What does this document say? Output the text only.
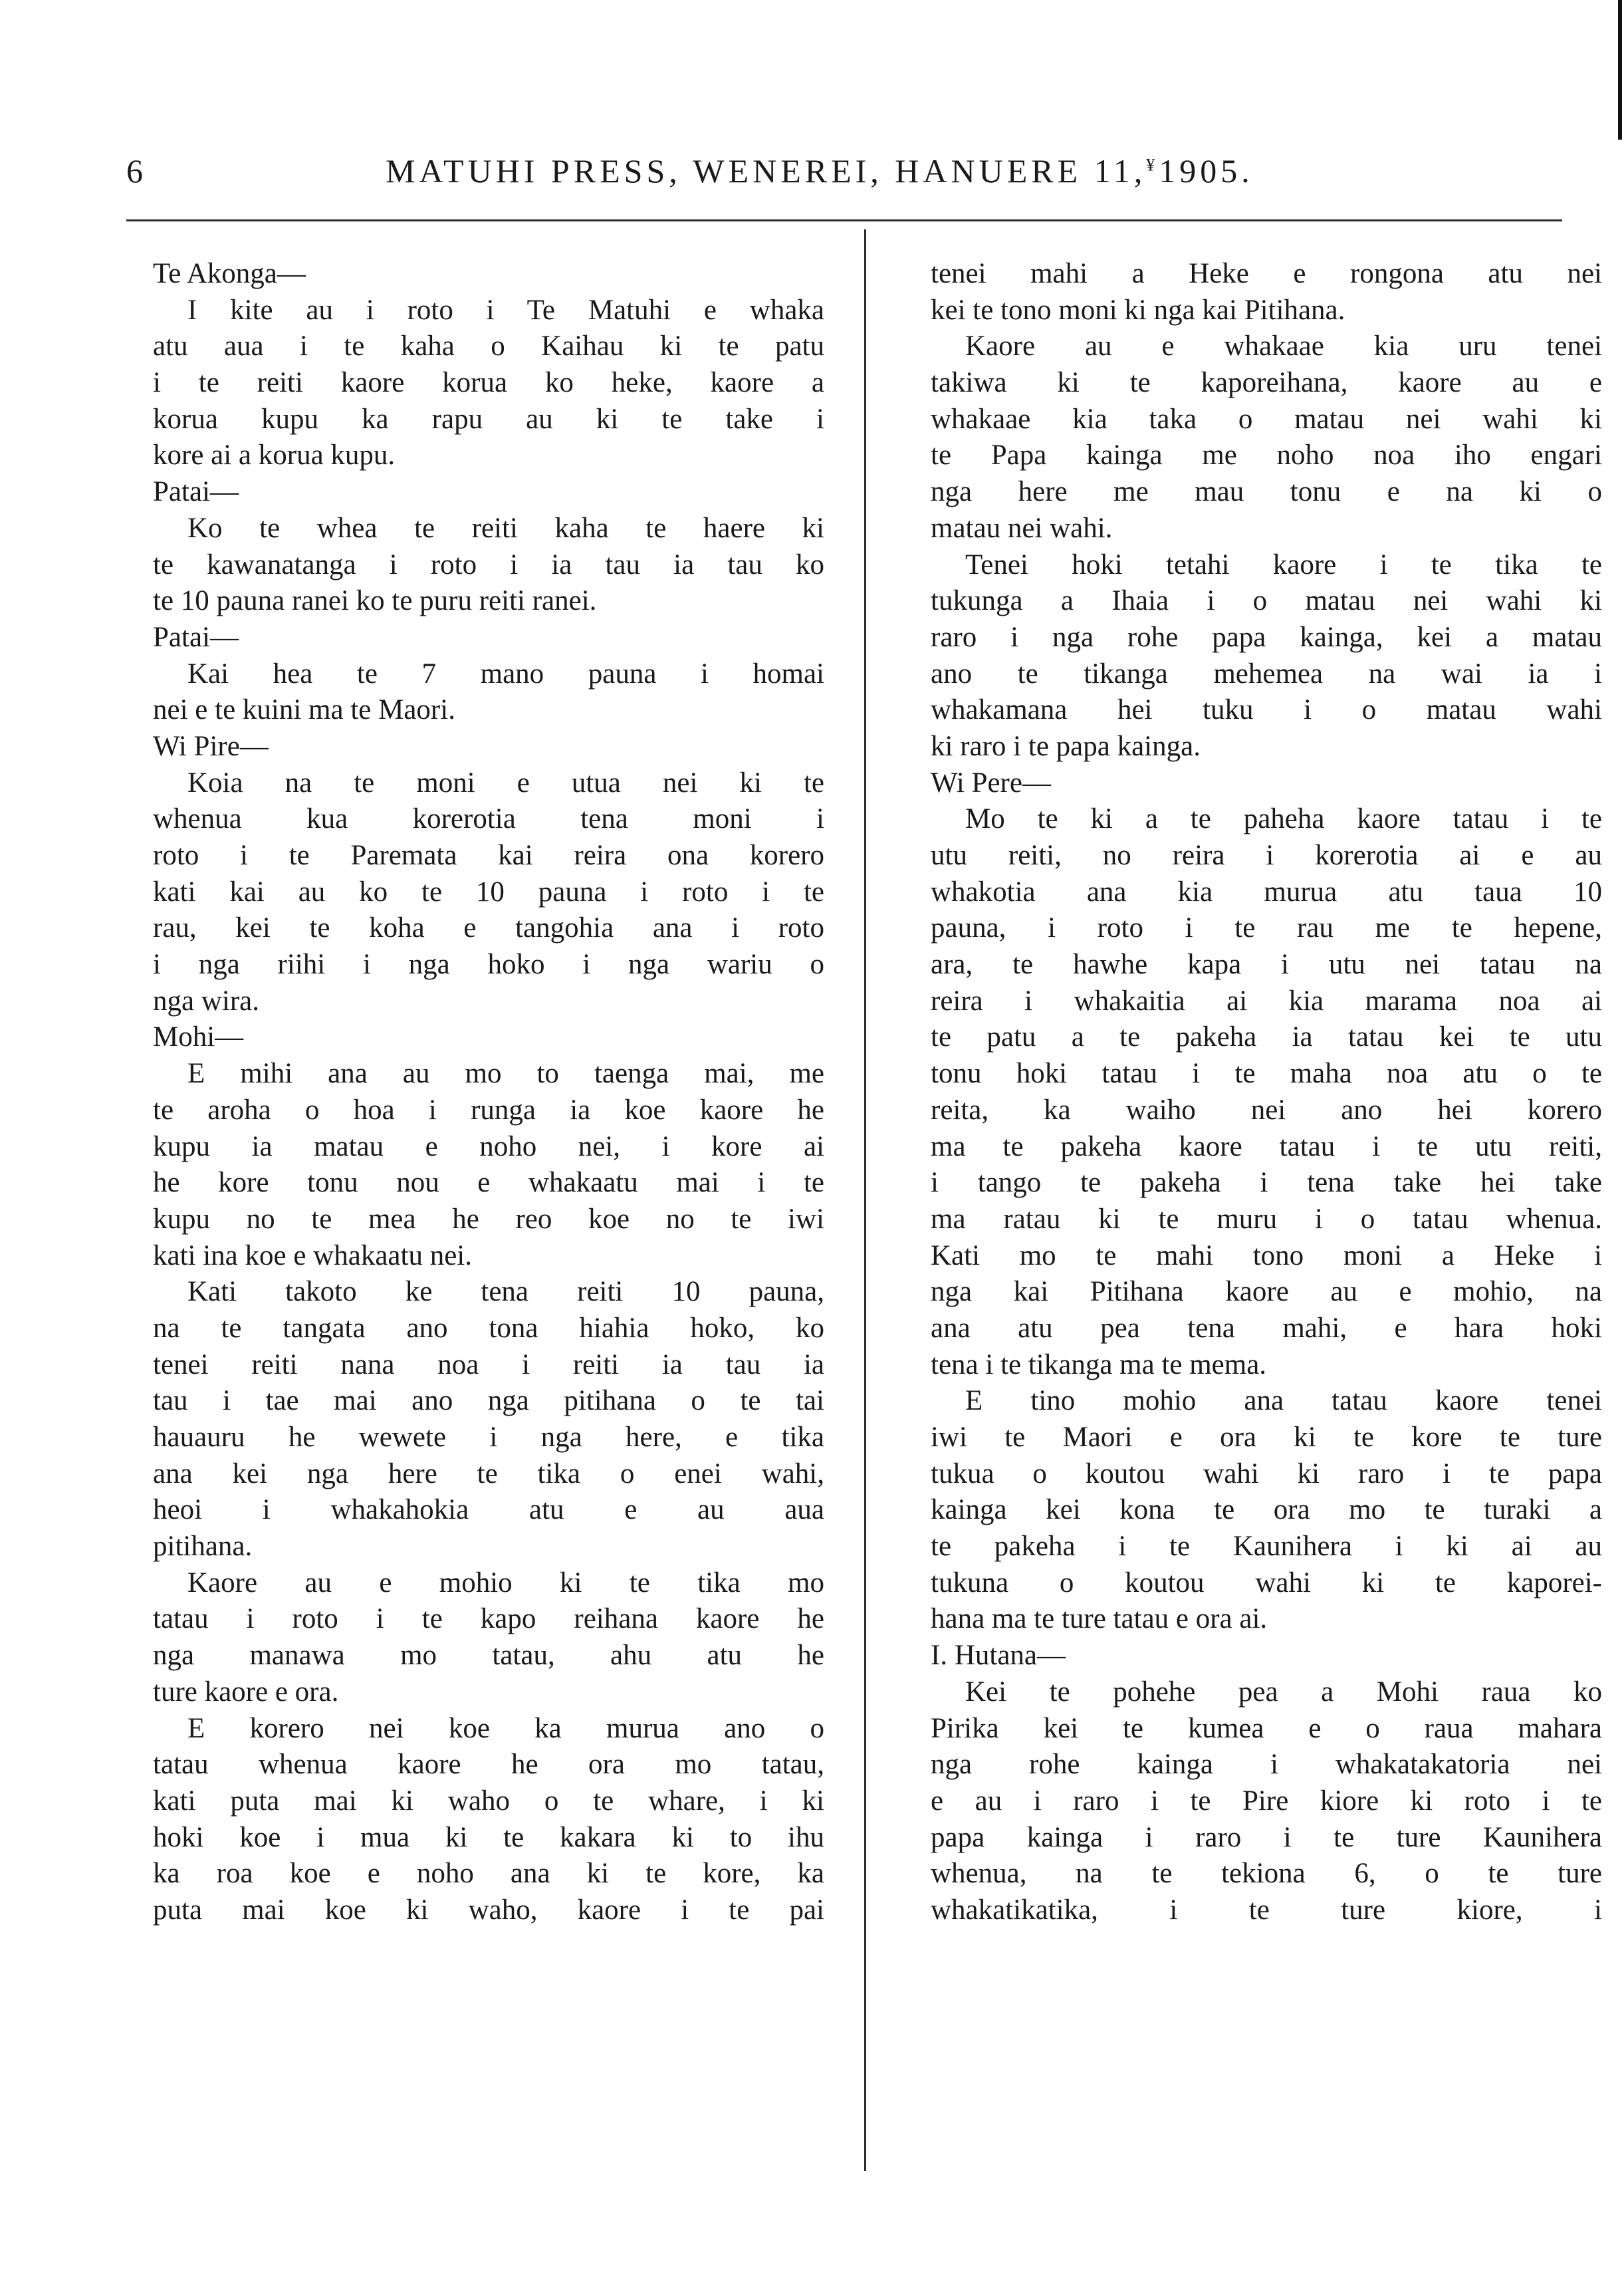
6	MATUHI PRESS, WENEREI, HANUERE 11,¥1905.
Te Akonga—
I kite au i roto i Te Matuhi e whaka
atu aua i te kaha o Kaihau ki te patu
i te reiti kaore korua ko heke, kaore a
korua kupu ka rapu au ki te take i
kore ai a korua kupu.
Patai—
Ko te whea te reiti kaha te haere ki
te kawanatanga i roto i ia tau ia tau ko
te 10 pauna ranei ko te puru reiti ranei.
Patai—
Kai hea te 7 mano pauna i homai
nei e te kuini ma te Maori.
Wi Pire—
Koia na te moni e utua nei ki te
whenua kua korerotia tena moni i
roto i te Paremata kai reira ona korero
kati kai au ko te 10 pauna i roto i te
rau, kei te koha e tangohia ana i roto
i nga riihi i nga hoko i nga wariu o
nga wira.
Mohi—
E mihi ana au mo to taenga mai, me
te aroha o hoa i runga ia koe kaore he
kupu ia matau e noho nei, i kore ai
he kore tonu nou e whakaatu mai i te
kupu no te mea he reo koe no te iwi
kati ina koe e whakaatu nei.
Kati takoto ke tena reiti 10 pauna,
na te tangata ano tona hiahia hoko, ko
tenei reiti nana noa i reiti ia tau ia
tau i tae mai ano nga pitihana o te tai
hauauru he wewete i nga here, e tika
ana kei nga here te tika o enei wahi,
heoi i whakahokia atu e au aua
pitihana.
Kaore au e mohio ki te tika mo
tatau i roto i te kapo reihana kaore he
nga manawa mo tatau, ahu atu he
ture kaore e ora.
E korero nei koe ka murua ano o
tatau whenua kaore he ora mo tatau,
kati puta mai ki waho o te whare, i ki
hoki koe i mua ki te kakara ki to ihu
ka roa koe e noho ana ki te kore, ka
puta mai koe ki waho, kaore i te pai
tenei mahi a Heke e rongona atu nei
kei te tono moni ki nga kai Pitihana.
Kaore au e whakaae kia uru tenei
takiwa ki te kaporeihana, kaore au e
whakaae kia taka o matau nei wahi ki
te Papa kainga me noho noa iho engari
nga here me mau tonu e na ki o
matau nei wahi.
Tenei hoki tetahi kaore i te tika te
tukunga a Ihaia i o matau nei wahi ki
raro i nga rohe papa kainga, kei a matau
ano te tikanga mehemea na wai ia i
whakamana hei tuku i o matau wahi
ki raro i te papa kainga.
Wi Pere—
Mo te ki a te paheha kaore tatau i te
utu reiti, no reira i korerotia ai e au
whakotia ana kia murua atu taua 10
pauna, i roto i te rau me te hepene,
ara, te hawhe kapa i utu nei tatau na
reira i whakaitia ai kia marama noa ai
te patu a te pakeha ia tatau kei te utu
tonu hoki tatau i te maha noa atu o te
reita, ka waiho nei ano hei korero
ma te pakeha kaore tatau i te utu reiti,
i tango te pakeha i tena take hei take
ma ratau ki te muru i o tatau whenua.
Kati mo te mahi tono moni a Heke i
nga kai Pitihana kaore au e mohio, na
ana atu pea tena mahi, e hara hoki
tena i te tikanga ma te mema.
E tino mohio ana tatau kaore tenei
iwi te Maori e ora ki te kore te ture
tukua o koutou wahi ki raro i te papa
kainga kei kona te ora mo te turaki a
te pakeha i te Kaunihera i ki ai au
tukuna o koutou wahi ki te kaporei-
hana ma te ture tatau e ora ai.
I. Hutana—
Kei te pohehe pea a Mohi raua ko
Pirika kei te kumea e o raua mahara
nga rohe kainga i whakatakatoria nei
e au i raro i te Pire kiore ki roto i te
papa kainga i raro i te ture Kaunihera
whenua, na te tekiona 6, o te ture
whakatikatika, i te ture kiore, i
